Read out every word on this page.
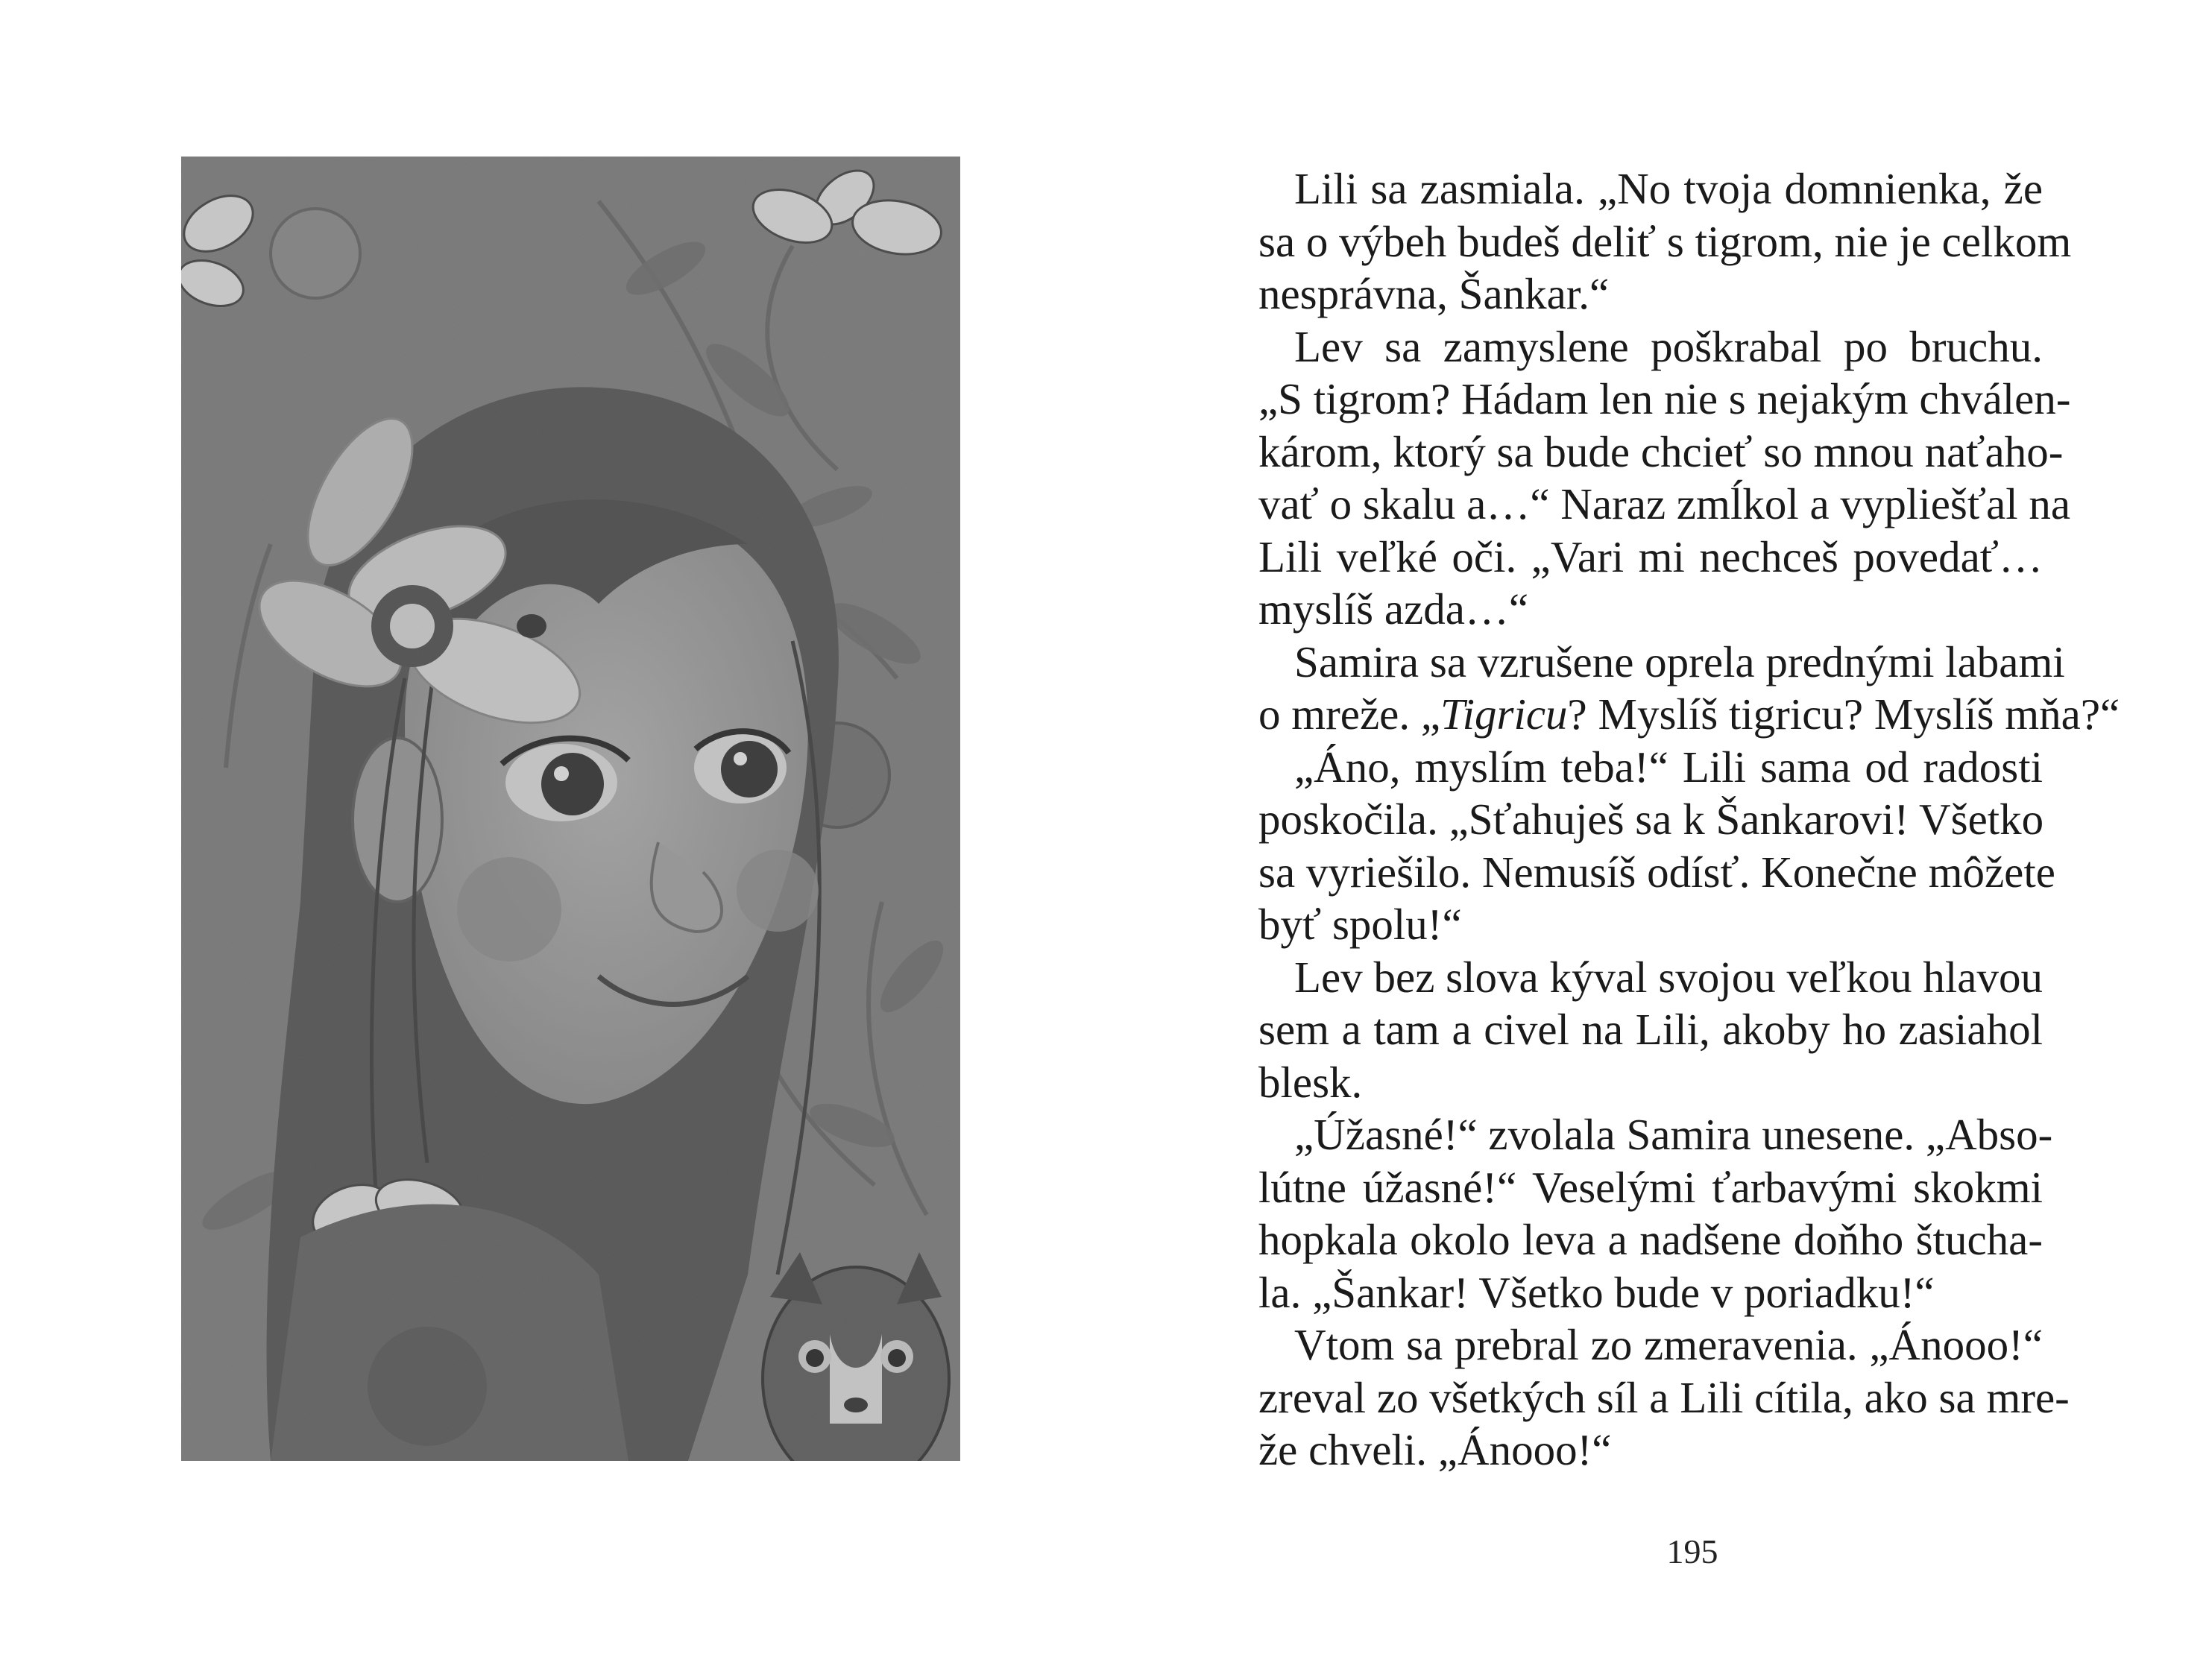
Lili sa zasmiala. „No tvoja domnienka, že
sa o výbeh budeš deliť s tigrom, nie je celkom
nesprávna, Šankar.“
Lev sa zamyslene poškrabal po bruchu.
„S tigrom? Hádam len nie s nejakým chválen-
károm, ktorý sa bude chcieť so mnou naťaho-
vať o skalu a…“ Naraz zmĺkol a vypliešťal na
Lili veľké oči. „Vari mi nechceš povedať…
myslíš azda…“
Samira sa vzrušene oprela prednými labami
o mreže. „Tigricu? Myslíš tigricu? Myslíš mňa?“
„Áno, myslím teba!“ Lili sama od radosti
poskočila. „Sťahuješ sa k Šankarovi! Všetko
sa vyriešilo. Nemusíš odísť. Konečne môžete
byť spolu!“
Lev bez slova kýval svojou veľkou hlavou
sem a tam a civel na Lili, akoby ho zasiahol
blesk.
„Úžasné!“ zvolala Samira unesene. „Abso-
lútne úžasné!“ Veselými ťarbavými skokmi
hopkala okolo leva a nadšene doňho štucha-
la. „Šankar! Všetko bude v poriadku!“
Vtom sa prebral zo zmeravenia. „Ánooo!“
zreval zo všetkých síl a Lili cítila, ako sa mre-
že chveli. „Ánooo!“
195
